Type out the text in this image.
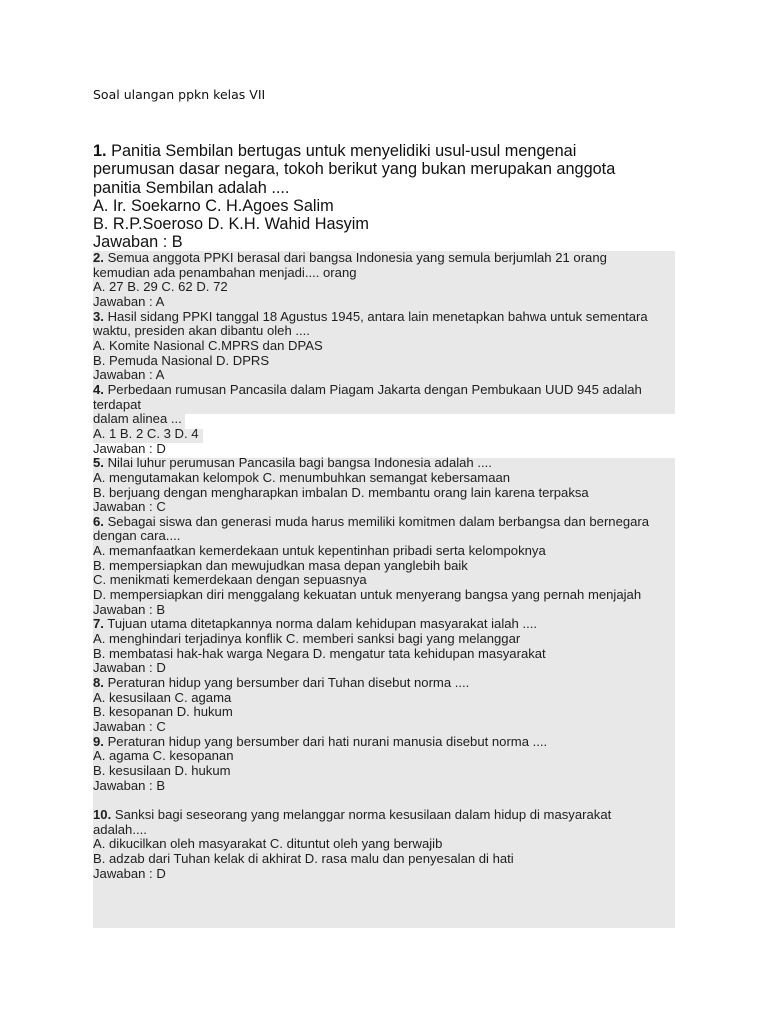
Soal ulangan ppkn kelas VII
1. Panitia Sembilan bertugas untuk menyelidiki usul-usul mengenai
perumusan dasar negara, tokoh berikut yang bukan merupakan anggota
panitia Sembilan adalah ....
A. Ir. Soekarno C. H.Agoes Salim
B. R.P.Soeroso D. K.H. Wahid Hasyim
Jawaban : B
2. Semua anggota PPKI berasal dari bangsa Indonesia yang semula berjumlah 21 orang
kemudian ada penambahan menjadi.... orang
A. 27 B. 29 C. 62 D. 72
Jawaban : A
3. Hasil sidang PPKI tanggal 18 Agustus 1945, antara lain menetapkan bahwa untuk sementara
waktu, presiden akan dibantu oleh ....
A. Komite Nasional C.MPRS dan DPAS
B. Pemuda Nasional D. DPRS
Jawaban : A
4. Perbedaan rumusan Pancasila dalam Piagam Jakarta dengan Pembukaan UUD 945 adalah
terdapat
dalam alinea ...
A. 1 B. 2 C. 3 D. 4
Jawaban : D
5. Nilai luhur perumusan Pancasila bagi bangsa Indonesia adalah ....
A. mengutamakan kelompok C. menumbuhkan semangat kebersamaan
B. berjuang dengan mengharapkan imbalan D. membantu orang lain karena terpaksa
Jawaban : C
6. Sebagai siswa dan generasi muda harus memiliki komitmen dalam berbangsa dan bernegara
dengan cara....
A. memanfaatkan kemerdekaan untuk kepentinhan pribadi serta kelompoknya
B. mempersiapkan dan mewujudkan masa depan yanglebih baik
C. menikmati kemerdekaan dengan sepuasnya
D. mempersiapkan diri menggalang kekuatan untuk menyerang bangsa yang pernah menjajah
Jawaban : B
7. Tujuan utama ditetapkannya norma dalam kehidupan masyarakat ialah ....
A. menghindari terjadinya konflik C. memberi sanksi bagi yang melanggar
B. membatasi hak-hak warga Negara D. mengatur tata kehidupan masyarakat
Jawaban : D
8. Peraturan hidup yang bersumber dari Tuhan disebut norma ....
A. kesusilaan C. agama
B. kesopanan D. hukum
Jawaban : C
9. Peraturan hidup yang bersumber dari hati nurani manusia disebut norma ....
A. agama C. kesopanan
B. kesusilaan D. hukum
Jawaban : B
10. Sanksi bagi seseorang yang melanggar norma kesusilaan dalam hidup di masyarakat
adalah....
A. dikucilkan oleh masyarakat C. dituntut oleh yang berwajib
B. adzab dari Tuhan kelak di akhirat D. rasa malu dan penyesalan di hati
Jawaban : D
